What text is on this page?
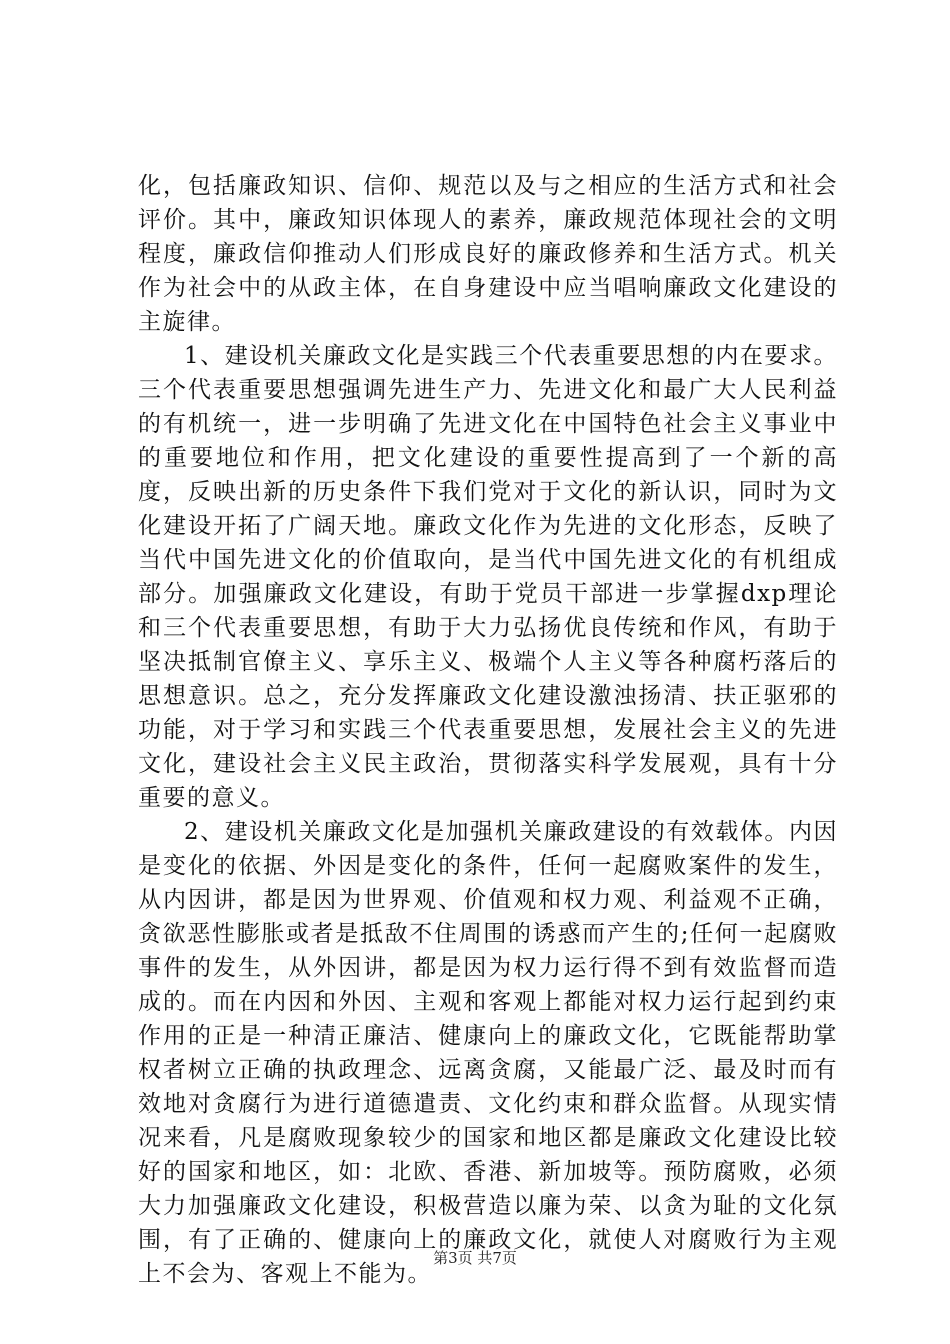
化，包括廉政知识、信仰、规范以及与之相应的生活方式和社会评价。其中，廉政知识体现人的素养，廉政规范体现社会的文明程度，廉政信仰推动人们形成良好的廉政修养和生活方式。机关作为社会中的从政主体，在自身建设中应当唱响廉政文化建设的主旋律。

1、建设机关廉政文化是实践三个代表重要思想的内在要求。三个代表重要思想强调先进生产力、先进文化和最广大人民利益的有机统一，进一步明确了先进文化在中国特色社会主义事业中的重要地位和作用，把文化建设的重要性提高到了一个新的高度，反映出新的历史条件下我们党对于文化的新认识，同时为文化建设开拓了广阔天地。廉政文化作为先进的文化形态，反映了当代中国先进文化的价值取向，是当代中国先进文化的有机组成部分。加强廉政文化建设，有助于党员干部进一步掌握dxp理论和三个代表重要思想，有助于大力弘扬优良传统和作风，有助于坚决抵制官僚主义、享乐主义、极端个人主义等各种腐朽落后的思想意识。总之，充分发挥廉政文化建设激浊扬清、扶正驱邪的功能，对于学习和实践三个代表重要思想，发展社会主义的先进文化，建设社会主义民主政治，贯彻落实科学发展观，具有十分重要的意义。

2、建设机关廉政文化是加强机关廉政建设的有效载体。内因是变化的依据、外因是变化的条件，任何一起腐败案件的发生，从内因讲，都是因为世界观、价值观和权力观、利益观不正确，贪欲恶性膨胀或者是抵敌不住周围的诱惑而产生的;任何一起腐败事件的发生，从外因讲，都是因为权力运行得不到有效监督而造成的。而在内因和外因、主观和客观上都能对权力运行起到约束作用的正是一种清正廉洁、健康向上的廉政文化，它既能帮助掌权者树立正确的执政理念、远离贪腐，又能最广泛、最及时而有效地对贪腐行为进行道德遣责、文化约束和群众监督。从现实情况来看，凡是腐败现象较少的国家和地区都是廉政文化建设比较好的国家和地区，如：北欧、香港、新加坡等。预防腐败，必须大力加强廉政文化建设，积极营造以廉为荣、以贪为耻的文化氛围，有了正确的、健康向上的廉政文化，就使人对腐败行为主观上不会为、客观上不能为。

第3页 共7页
